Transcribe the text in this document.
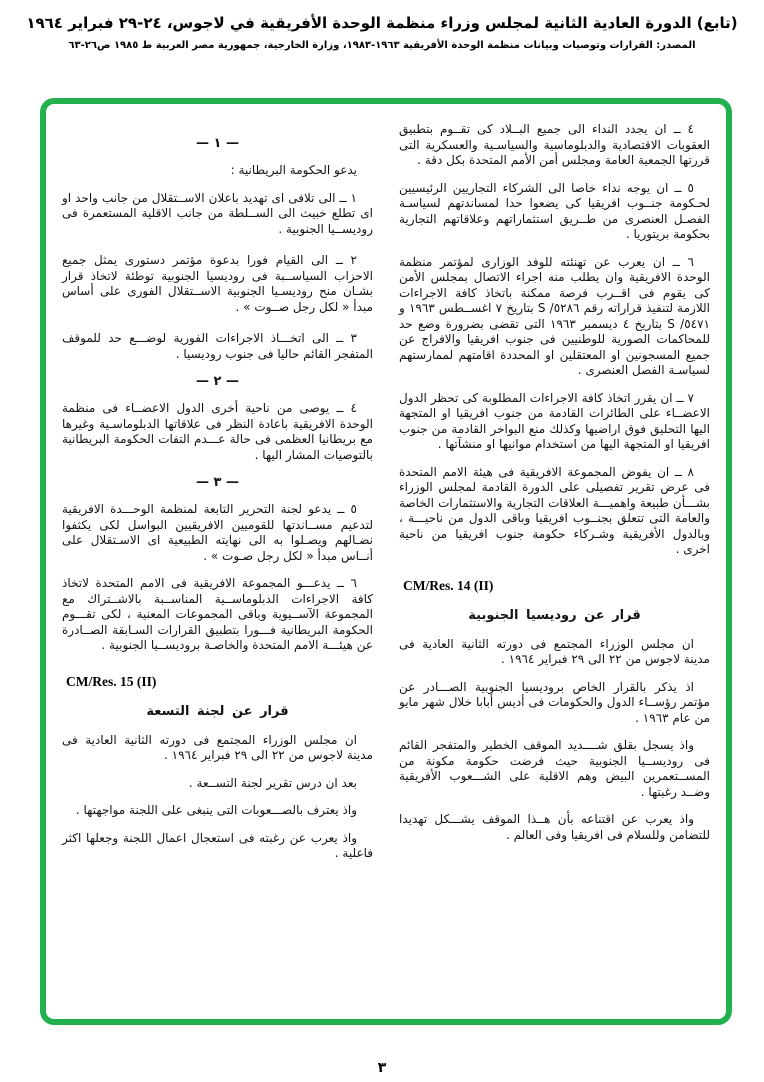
(تابع) الدورة العادية الثانية لمجلس وزراء منظمة الوحدة الأفريقية في لاجوس، ٢٤-٢٩ فبراير ١٩٦٤
المصدر: القرارات وتوصيات وبيانات منظمة الوحدة الأفريقية ١٩٦٣-١٩٨٣، وزارة الخارجية، جمهورية مصر العربية ط ١٩٨٥ ص٢٦-٦٣

٤ ــ ان يجدد النداء الى جميع البــلاد كى تقــوم بتطبيق العقوبات الاقتصادية والدبلوماسية والسياسـية والعسكرية التى قررتها الجمعية العامة ومجلس أمن الأمم المتحدة بكل دقة .

٥ ــ ان يوجه نداء خاصا الى الشركاء التجاريين الرئيسيين لحـكومة جنــوب افريقيا كى يضعوا حدا لمساندتهم لسياسـة الفصـل العنصرى من طــريق استثماراتهم وعلاقاتهم التجارية بحكومة بريتوريا .

٦ ــ ان يعرب عن تهنئته للوفد الوزارى لمؤتمر منظمة الوحدة الافريقية وان يطلب منه اجراء الاتصال بمجلس الأمن كى يقوم فى اقــرب فرصة ممكنة باتخاذ كافة الاجراءات اللازمة لتنفيذ قراراته رقم ٥٢٨٦/ S بتاريخ ٧ اغســطس ١٩٦٣ و ٥٤٧١/ S بتاريخ ٤ ديسمبر ١٩٦٣ التى تقضى بضرورة وضع حد للمحاكمات الصورية للوطنيين فى جنوب افريقيا والافراج عن جميع المسجونين او المعتقلين او المحددة اقامتهم لممارستهم لسياسـة الفصل العنصرى .

٧ ــ ان يقرر اتخاذ كافة الاجراءات المطلوبة كى تحظر الدول الاعضــاء على الطائرات القادمة من جنوب افريقيا او المتجهة اليها التحليق فوق اراضيها وكذلك منع البواخر القادمة من جنوب افريقيا او المتجهة اليها من استخدام موانيها او منشآتها .

٨ ــ ان يفوض المجموعة الافريقية فى هيئة الامم المتحدة فى عرض تقرير تفصيلى على الدورة القادمة لمجلس الوزراء بشـــأن طبيعة واهميـــة العلاقات التجارية والاستثمارات الخاصة والعامة التى تتعلق بجنــوب افريقيا وباقى الدول من ناحيـــة ، وبالدول الأفريقية وشـركاء حكومة جنوب افريقيا من ناحية اخرى .

CM/Res. 14 (II)
قرار عن روديسيا الجنوبية

ان مجلس الوزراء المجتمع فى دورته الثانية العادية فى مدينة لاجوس من ٢٢ الى ٢٩ فبراير ١٩٦٤ .

اذ يذكر بالقرار الخاص بروديسيا الجنوبية الصـــادر عن مؤتمر رؤســاء الدول والحكومات فى أديس أبابا خلال شهر مايو من عام ١٩٦٣ .

واذ يسجل بقلق شــــديد الموقف الخطير والمتفجر القائم فى روديســيا الجنوبية حيث فرضت حكومة مكونة من المســتعمرين البيض وهم الاقلية على الشـــعوب الأفريقية وضــد رغبتها .

واذ يعرب عن اقتناعه بأن هــذا الموقف يشـــكل تهديدا للتضامن وللسلام فى افريقيا وفى العالم .

— ١ —
يدعو الحكومة البريطانية :

١ ــ الى تلافى اى تهديد باعلان الاســتقلال من جانب واحد او اى تطلع خبيث الى الســلطة من جانب الاقلية المستعمرة فى روديســيا الجنوبية .

٢ ــ الى القيام فورا بدعوة مؤتمر دستورى يمثل جميع الاحزاب السياســبة فى روديسيا الجنوبية توطئة لاتخاذ قرار بشـان منح روديسـيا الجنوبية الاســتقلال الفورى على أساس مبدأ « لكل رجل صــوت » .

٣ ــ الى اتخـــاذ الاجراءات الفورية لوضـــع حد للموقف المتفجر القائم حاليا فى جنوب روديسيا .

— ٢ —

٤ ــ يوصى من ناحية أخرى الدول الاعضــاء فى منظمة الوحدة الافريقية باعادة النظر فى علاقاتها الدبلوماسـية وغيرها مع بريطانيا العظمى فى حالة عـــدم التفات الحكومة البريطانية بالتوصيات المشار اليها .

— ٣ —

٥ ــ يدعو لجنة التحرير التابعة لمنظمة الوحـــدة الافريقية لتدعيم مســاندتها للقوميين الافريقيين البواسل لكى يكثفوا نضـالهم ويصـلوا به الى نهايته الطبيعية اى الاسـتقلال على أنــاس مبدأ « لكل رجل صـوت » .

٦ ــ يدعـــو المجموعة الافريقية فى الامم المتحدة لاتخاذ كافة الاجراءات الدبلوماســية المناســبة بالاشــتراك مع المجموعة الآســيوية وباقى المجموعات المعنية ، لكى تقـــوم الحكومة البريطانية فـــورا بتطبيق القرارات السـابقة الصــادرة عن هيئـــة الامم المتحدة والخاصـة بروديســيا الجنوبية .

CM/Res. 15 (II)
قرار عن لجنة التسعة

ان مجلس الوزراء المجتمع فى دورته الثانية العادية فى مدينة لاجوس من ٢٢ الى ٢٩ فبراير ١٩٦٤ .

بعد ان درس تقرير لجنة التســعة .

واذ يعترف بالصـــعوبات التى ينبغى على اللجنة مواجهتها .

واذ يعرب عن رغبته فى استعجال اعمال اللجنة وجعلها اكثر فاعلية .

٣
